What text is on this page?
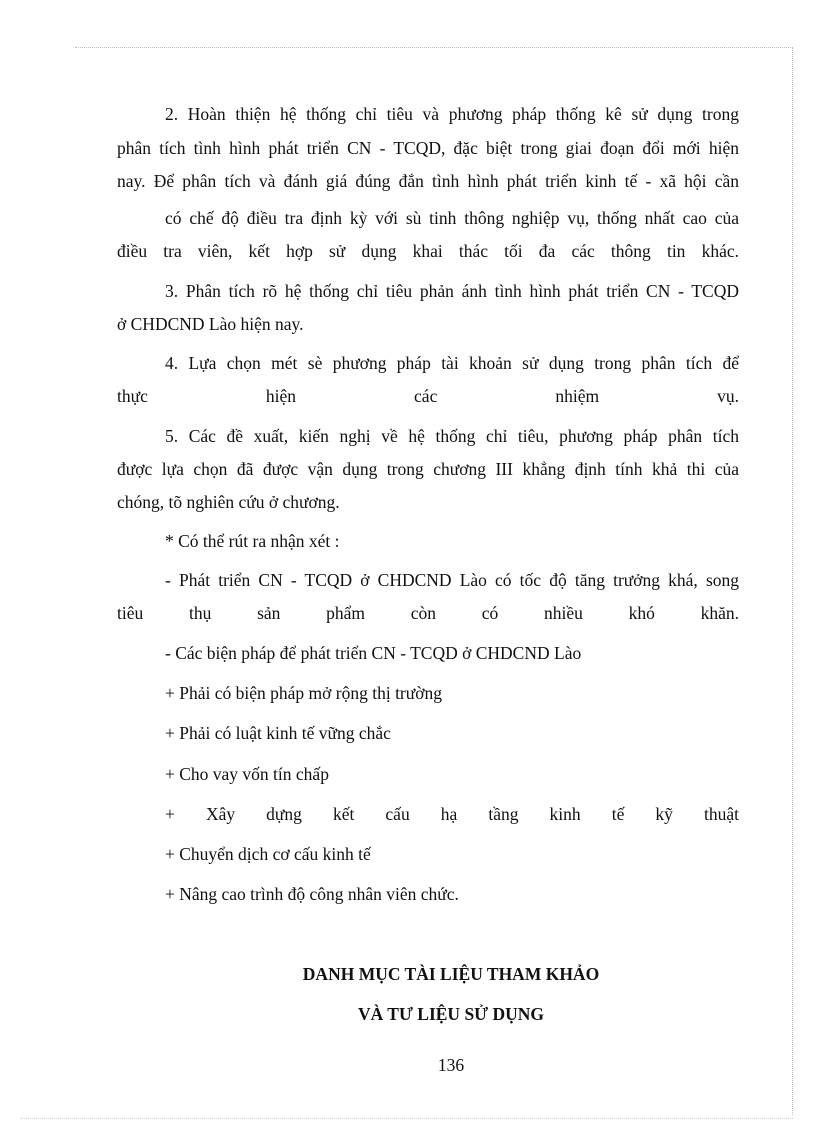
2. Hoàn thiện hệ thống chỉ tiêu và phương pháp thống kê sử dụng trong
phân tích tình hình phát triển CN - TCQD, đặc biệt trong giai đoạn đổi mới hiện
nay. Để phân tích và đánh giá đúng đắn tình hình phát triển kinh tế - xã hội cần
có chế độ điều tra định kỳ với sù tinh thông nghiệp vụ, thống nhất cao của
điều tra viên, kết hợp sử dụng khai thác tối đa các thông tin khác.
3. Phân tích rõ hệ thống chỉ tiêu phản ánh tình hình phát triển CN - TCQD
ở CHDCND Lào hiện nay.
4. Lựa chọn mét sè phương pháp tài khoản sử dụng trong phân tích để
thực hiện các nhiệm vụ.
5. Các đề xuất, kiến nghị về hệ thống chỉ tiêu, phương pháp phân tích
được lựa chọn đã được vận dụng trong chương III khẳng định tính khả thi của
chóng, tõ nghiên cứu ở chương.
* Có thể rút ra nhận xét :
- Phát triển CN - TCQD ở CHDCND Lào có tốc độ tăng trưởng khá, song
tiêu thụ sản phẩm còn có nhiều khó khăn.
- Các biện pháp để phát triển CN - TCQD ở CHDCND Lào
+ Phải có biện pháp mở rộng thị trường
+ Phải có luật kinh tế vững chắc
+ Cho vay vốn tín chấp
+ Xây dựng kết cấu hạ tầng kinh tế kỹ thuật
+ Chuyển dịch cơ cấu kinh tế
+ Nâng cao trình độ công nhân viên chức.
DANH MỤC TÀI LIỆU THAM KHẢO
VÀ TƯ LIỆU SỬ DỤNG
136
